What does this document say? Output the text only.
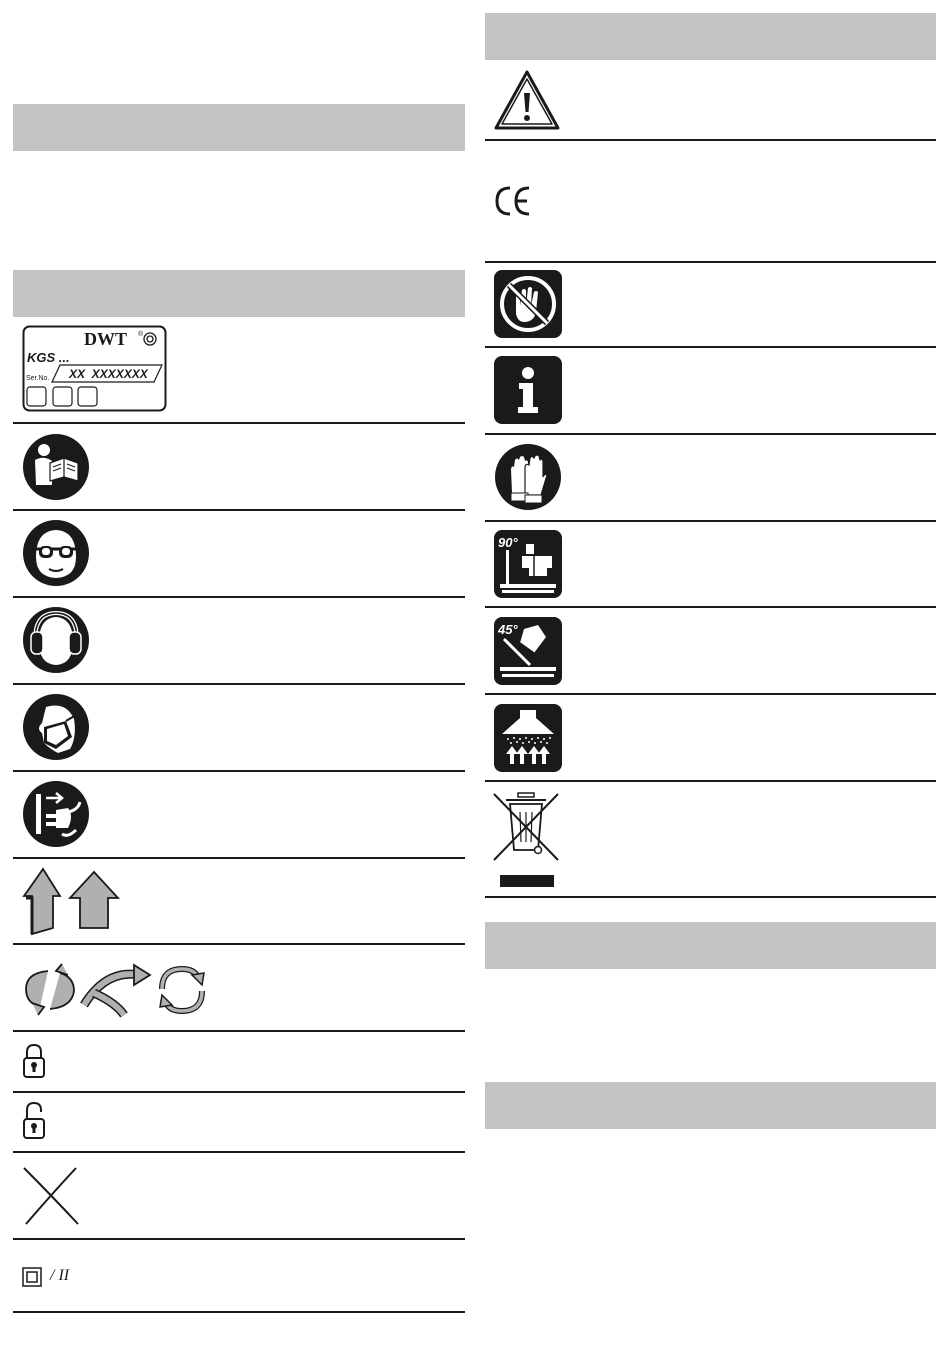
DWT ®
KGS ...
Ser.No. XX  XXXXXXX
/ II
90°
45°
